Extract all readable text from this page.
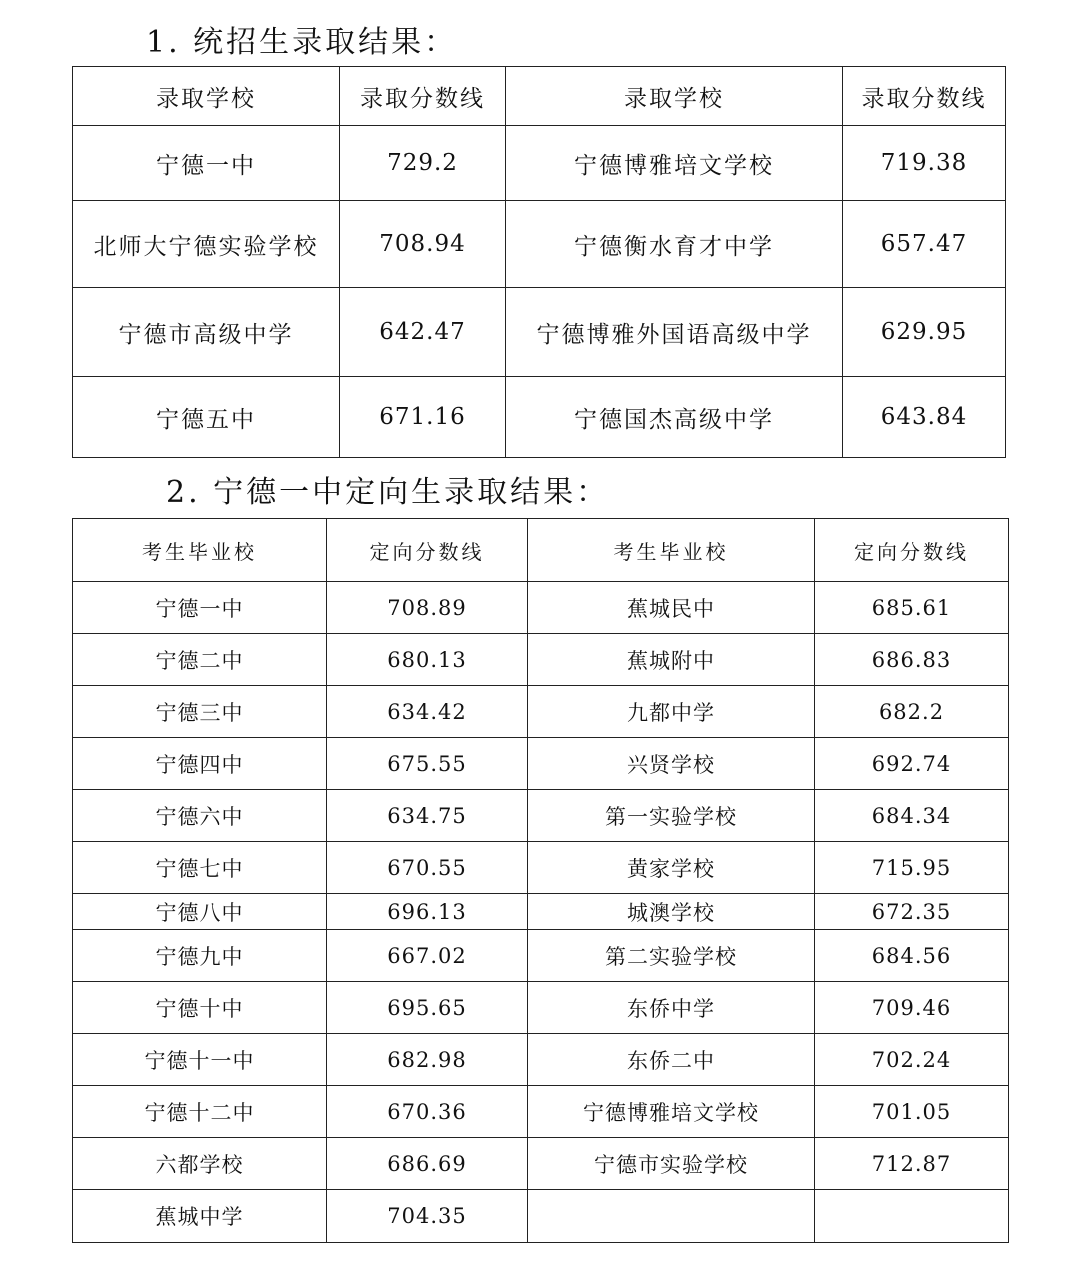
1. 统招生录取结果：
录取学校	录取分数线	录取学校	录取分数线
宁德一中	729.2	宁德博雅培文学校	719.38
北师大宁德实验学校	708.94	宁德衡水育才中学	657.47
宁德市高级中学	642.47	宁德博雅外国语高级中学	629.95
宁德五中	671.16	宁德国杰高级中学	643.84
2. 宁德一中定向生录取结果：
考生毕业校	定向分数线	考生毕业校	定向分数线
宁德一中	708.89	蕉城民中	685.61
宁德二中	680.13	蕉城附中	686.83
宁德三中	634.42	九都中学	682.2
宁德四中	675.55	兴贤学校	692.74
宁德六中	634.75	第一实验学校	684.34
宁德七中	670.55	黄家学校	715.95
宁德八中	696.13	城澳学校	672.35
宁德九中	667.02	第二实验学校	684.56
宁德十中	695.65	东侨中学	709.46
宁德十一中	682.98	东侨二中	702.24
宁德十二中	670.36	宁德博雅培文学校	701.05
六都学校	686.69	宁德市实验学校	712.87
蕉城中学	704.35		
